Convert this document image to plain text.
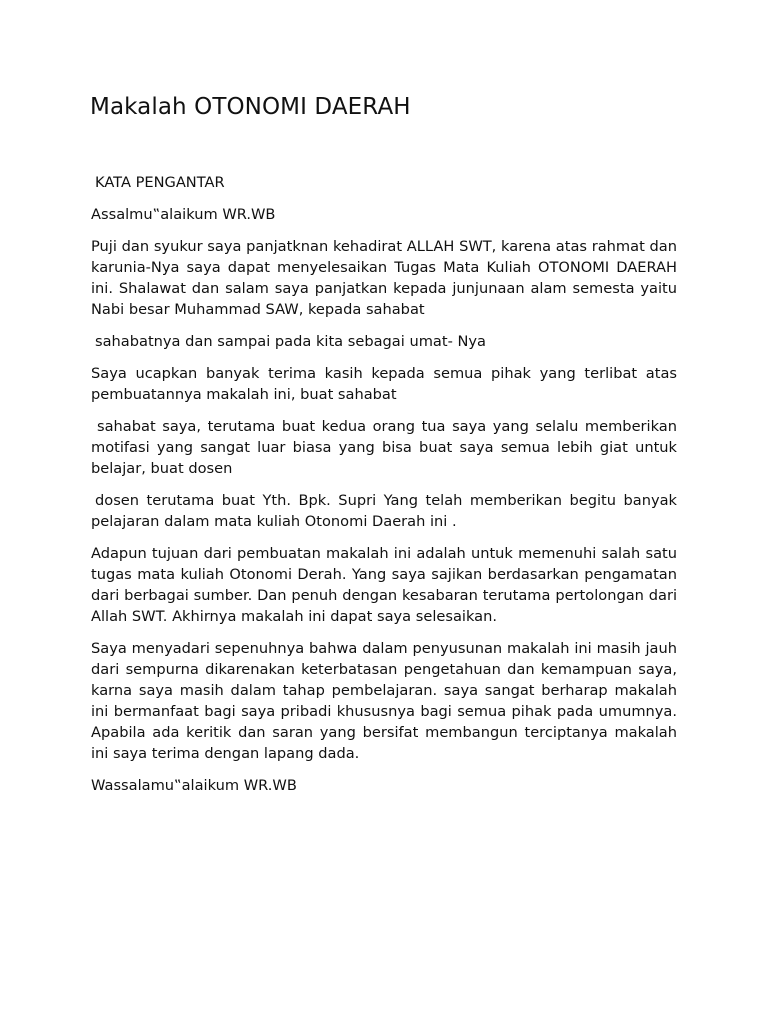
Makalah OTONOMI DAERAH

KATA PENGANTAR

Assalmu‟alaikum WR.WB

Puji dan syukur saya panjatknan kehadirat ALLAH SWT, karena atas rahmat dan karunia-Nya saya dapat menyelesaikan Tugas Mata Kuliah OTONOMI DAERAH ini. Shalawat dan salam saya panjatkan kepada junjunaan alam semesta yaitu Nabi besar Muhammad SAW, kepada sahabat

sahabatnya dan sampai pada kita sebagai umat- Nya

Saya ucapkan banyak terima kasih kepada semua pihak yang terlibat atas pembuatannya makalah ini, buat sahabat

sahabat saya, terutama buat kedua orang tua saya yang selalu memberikan motifasi yang sangat luar biasa yang bisa buat saya semua lebih giat untuk belajar, buat dosen

dosen terutama buat Yth. Bpk. Supri Yang telah memberikan begitu banyak pelajaran dalam mata kuliah Otonomi Daerah ini .

Adapun tujuan dari pembuatan makalah ini adalah untuk memenuhi salah satu tugas mata kuliah Otonomi Derah. Yang saya sajikan berdasarkan pengamatan dari berbagai sumber. Dan penuh dengan kesabaran terutama pertolongan dari Allah SWT. Akhirnya makalah ini dapat saya selesaikan.

Saya menyadari sepenuhnya bahwa dalam penyusunan makalah ini masih jauh dari sempurna dikarenakan keterbatasan pengetahuan dan kemampuan saya, karna saya masih dalam tahap pembelajaran. saya sangat berharap makalah ini bermanfaat bagi saya pribadi khususnya bagi semua pihak pada umumnya. Apabila ada keritik dan saran yang bersifat membangun terciptanya makalah ini saya terima dengan lapang dada.

Wassalamu‟alaikum WR.WB
